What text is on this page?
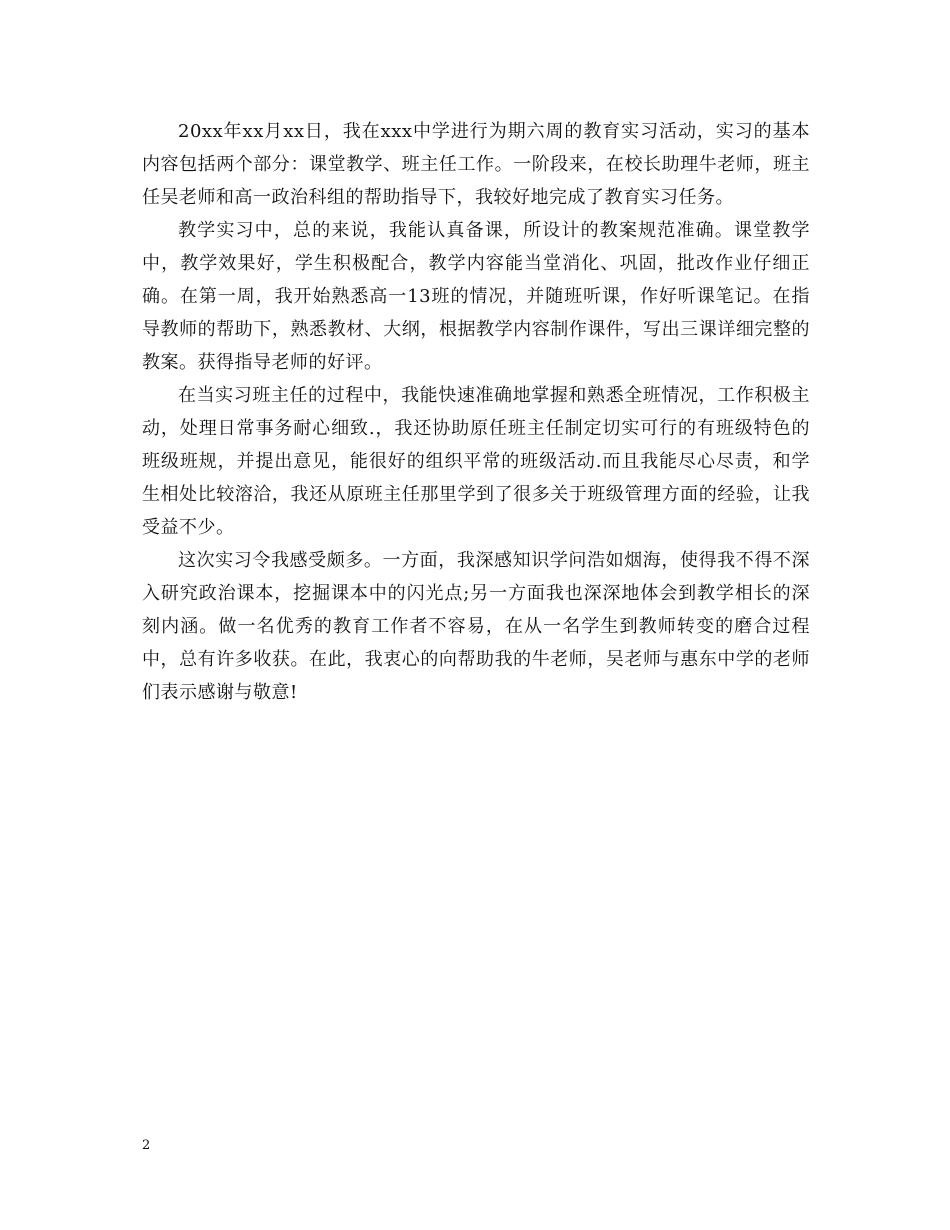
20xx年xx月xx日，我在xxx中学进行为期六周的教育实习活动，实习的基本内容包括两个部分：课堂教学、班主任工作。一阶段来，在校长助理牛老师，班主任吴老师和高一政治科组的帮助指导下，我较好地完成了教育实习任务。

教学实习中，总的来说，我能认真备课，所设计的教案规范准确。课堂教学中，教学效果好，学生积极配合，教学内容能当堂消化、巩固，批改作业仔细正确。在第一周，我开始熟悉高一13班的情况，并随班听课，作好听课笔记。在指导教师的帮助下，熟悉教材、大纲，根据教学内容制作课件，写出三课详细完整的教案。获得指导老师的好评。

在当实习班主任的过程中，我能快速准确地掌握和熟悉全班情况，工作积极主动，处理日常事务耐心细致.，我还协助原任班主任制定切实可行的有班级特色的班级班规，并提出意见，能很好的组织平常的班级活动.而且我能尽心尽责，和学生相处比较溶洽，我还从原班主任那里学到了很多关于班级管理方面的经验，让我受益不少。

这次实习令我感受颇多。一方面，我深感知识学问浩如烟海，使得我不得不深入研究政治课本，挖掘课本中的闪光点;另一方面我也深深地体会到教学相长的深刻内涵。做一名优秀的教育工作者不容易，在从一名学生到教师转变的磨合过程中，总有许多收获。在此，我衷心的向帮助我的牛老师，吴老师与惠东中学的老师们表示感谢与敬意!

2
